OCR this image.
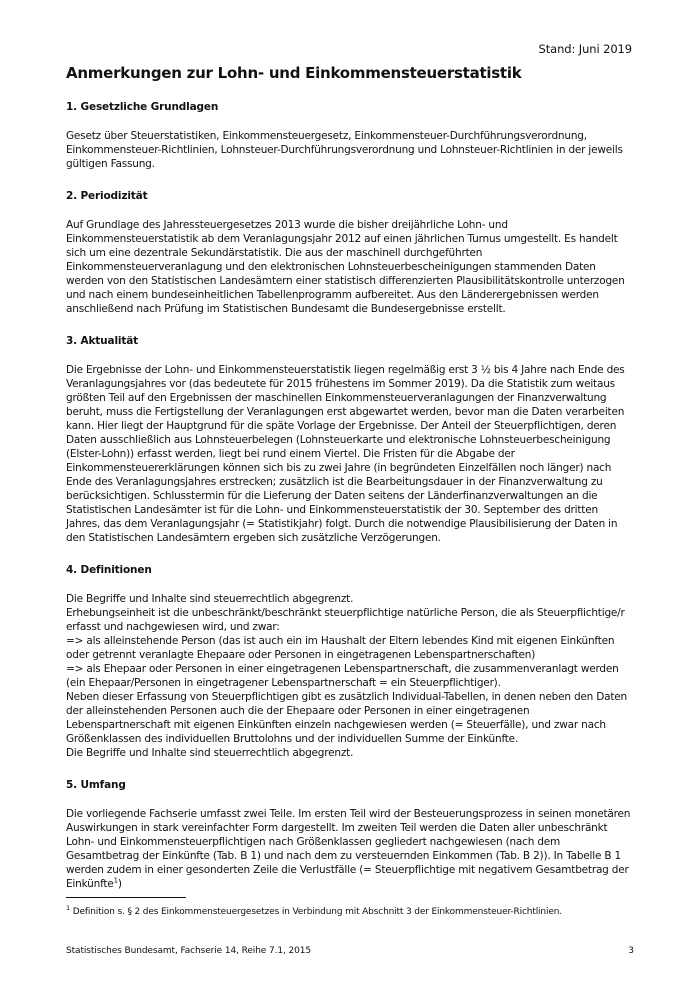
Stand: Juni 2019
Anmerkungen zur Lohn- und Einkommensteuerstatistik
1. Gesetzliche Grundlagen

Gesetz über Steuerstatistiken, Einkommensteuergesetz, Einkommensteuer-Durchführungsverordnung, Einkommensteuer-Richtlinien, Lohnsteuer-Durchführungsverordnung und Lohnsteuer-Richtlinien in der jeweils gültigen Fassung.

2. Periodizität

Auf Grundlage des Jahressteuergesetzes 2013 wurde die bisher dreijährliche Lohn- und Einkommensteuerstatistik ab dem Veranlagungsjahr 2012 auf einen jährlichen Turnus umgestellt. Es handelt sich um eine dezentrale Sekundärstatistik. Die aus der maschinell durchgeführten Einkommensteuerveranlagung und den elektronischen Lohnsteuerbescheinigungen stammenden Daten werden von den Statistischen Landesämtern einer statistisch differenzierten Plausibilitätskontrolle unterzogen und nach einem bundeseinheitlichen Tabellenprogramm aufbereitet. Aus den Länderergebnissen werden anschließend nach Prüfung im Statistischen Bundesamt die Bundesergebnisse erstellt.

3. Aktualität

Die Ergebnisse der Lohn- und Einkommensteuerstatistik liegen regelmäßig erst 3 ½ bis 4 Jahre nach Ende des Veranlagungsjahres vor (das bedeutete für 2015 frühestens im Sommer 2019). Da die Statistik zum weitaus größten Teil auf den Ergebnissen der maschinellen Einkommensteuerveranlagungen der Finanzverwaltung beruht, muss die Fertigstellung der Veranlagungen erst abgewartet werden, bevor man die Daten verarbeiten kann. Hier liegt der Hauptgrund für die späte Vorlage der Ergebnisse. Der Anteil der Steuerpflichtigen, deren Daten ausschließlich aus Lohnsteuerbelegen (Lohnsteuerkarte und elektronische Lohnsteuerbescheinigung (Elster-Lohn)) erfasst werden, liegt bei rund einem Viertel. Die Fristen für die Abgabe der Einkommensteuererklärungen können sich bis zu zwei Jahre (in begründeten Einzelfällen noch länger) nach Ende des Veranlagungsjahres erstrecken; zusätzlich ist die Bearbeitungsdauer in der Finanzverwaltung zu berücksichtigen. Schlusstermin für die Lieferung der Daten seitens der Länderfinanzverwaltungen an die Statistischen Landesämter ist für die Lohn- und Einkommensteuerstatistik der 30. September des dritten Jahres, das dem Veranlagungsjahr (= Statistikjahr) folgt. Durch die notwendige Plausibilisierung der Daten in den Statistischen Landesämtern ergeben sich zusätzliche Verzögerungen.

4. Definitionen
Die Begriffe und Inhalte sind steuerrechtlich abgegrenzt.
Erhebungseinheit ist die unbeschränkt/beschränkt steuerpflichtige natürliche Person, die als Steuerpflichtige/r erfasst und nachgewiesen wird, und zwar:
=> als alleinstehende Person (das ist auch ein im Haushalt der Eltern lebendes Kind mit eigenen Einkünften oder getrennt veranlagte Ehepaare oder Personen in eingetragenen Lebenspartnerschaften)
=> als Ehepaar oder Personen in einer eingetragenen Lebenspartnerschaft, die zusammenveranlagt werden (ein Ehepaar/Personen in eingetragener Lebenspartnerschaft = ein Steuerpflichtiger).
Neben dieser Erfassung von Steuerpflichtigen gibt es zusätzlich Individual-Tabellen, in denen neben den Daten der alleinstehenden Personen auch die der Ehepaare oder Personen in einer eingetragenen Lebenspartnerschaft mit eigenen Einkünften einzeln nachgewiesen werden (= Steuerfälle), und zwar nach Größenklassen des individuellen Bruttolohns und der individuellen Summe der Einkünfte.
Die Begriffe und Inhalte sind steuerrechtlich abgegrenzt.
5. Umfang

Die vorliegende Fachserie umfasst zwei Teile. Im ersten Teil wird der Besteuerungsprozess in seinen monetären Auswirkungen in stark vereinfachter Form dargestellt. Im zweiten Teil werden die Daten aller unbeschränkt Lohn- und Einkommensteuerpflichtigen nach Größenklassen gegliedert nachgewiesen (nach dem Gesamtbetrag der Einkünfte (Tab. B 1) und nach dem zu versteuernden Einkommen (Tab. B 2)). In Tabelle B 1 werden zudem in einer gesonderten Zeile die Verlustfälle (= Steuerpflichtige mit negativem Gesamtbetrag der Einkünfte$^1$)

$^1$ Definition s. § 2 des Einkommensteuergesetzes in Verbindung mit Abschnitt 3 der Einkommensteuer-Richtlinien.
Statistisches Bundesamt, Fachserie 14, Reihe 7.1, 2015	3
